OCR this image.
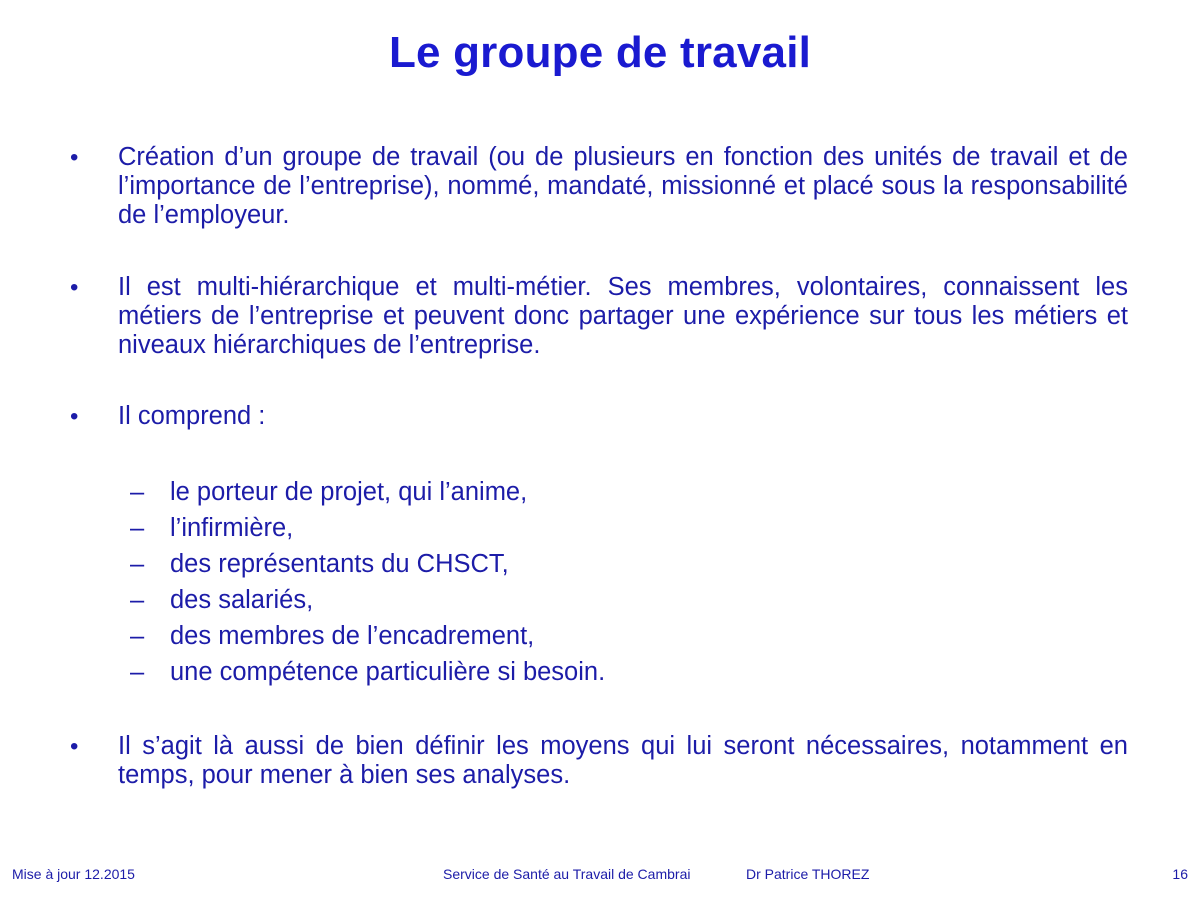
Le groupe de travail
•	Création d’un groupe de travail (ou de plusieurs en fonction des unités de travail et de l’importance de l’entreprise), nommé, mandaté, missionné et placé sous la responsabilité de l’employeur.
•	Il est multi-hiérarchique et multi-métier. Ses membres, volontaires, connaissent les métiers de l’entreprise et peuvent donc partager une expérience sur tous les métiers et niveaux hiérarchiques de l’entreprise.
•	Il comprend :
– le porteur de projet, qui l’anime,
– l’infirmière,
– des représentants du CHSCT,
– des salariés,
– des membres de l’encadrement,
– une compétence particulière si besoin.
•	Il s’agit là aussi de bien définir les moyens qui lui seront nécessaires, notamment en temps, pour mener à bien ses analyses.
Mise à jour 12.2015	Service de Santé au Travail de Cambrai	Dr Patrice THOREZ	16
